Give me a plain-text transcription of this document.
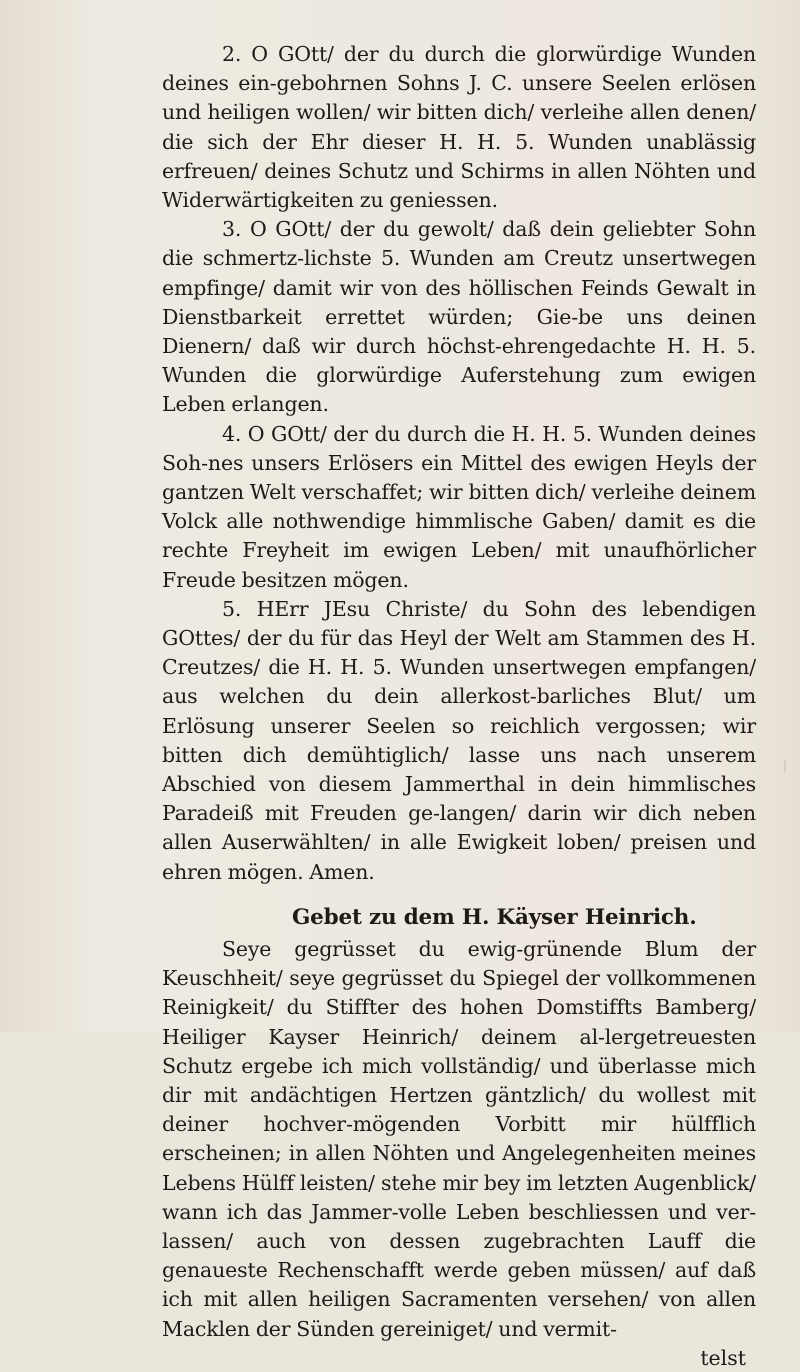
2. O GOtt/ der du durch die glorwürdige Wunden deines ein-gebohrnen Sohns J. C. unsere Seelen erlösen und heiligen wollen/ wir bitten dich/ verleihe allen denen/ die sich der Ehr dieser H. H. 5. Wunden unablässig erfreuen/ deines Schutz und Schirms in allen Nöhten und Widerwärtigkeiten zu geniessen.

3. O GOtt/ der du gewolt/ daß dein geliebter Sohn die schmertz-lichste 5. Wunden am Creutz unsertwegen empfinge/ damit wir von des höllischen Feinds Gewalt in Dienstbarkeit errettet würden; Gie-be uns deinen Dienern/ daß wir durch höchst-ehrengedachte H. H. 5. Wunden die glorwürdige Auferstehung zum ewigen Leben erlangen.

4. O GOtt/ der du durch die H. H. 5. Wunden deines Soh-nes unsers Erlösers ein Mittel des ewigen Heyls der gantzen Welt verschaffet; wir bitten dich/ verleihe deinem Volck alle nothwendige himmlische Gaben/ damit es die rechte Freyheit im ewigen Leben/ mit unaufhörlicher Freude besitzen mögen.

5. HErr JEsu Christe/ du Sohn des lebendigen GOttes/ der du für das Heyl der Welt am Stammen des H. Creutzes/ die H. H. 5. Wunden unsertwegen empfangen/ aus welchen du dein allerkost-barliches Blut/ um Erlösung unserer Seelen so reichlich vergossen; wir bitten dich demühtiglich/ lasse uns nach unserem Abschied von diesem Jammerthal in dein himmlisches Paradeiß mit Freuden ge-langen/ darin wir dich neben allen Auserwählten/ in alle Ewigkeit loben/ preisen und ehren mögen. Amen.

Gebet zu dem H. Käyser Heinrich.

Seye gegrüsset du ewig-grünende Blum der Keuschheit/ seye gegrüsset du Spiegel der vollkommenen Reinigkeit/ du Stiffter des hohen Domstiffts Bamberg/ Heiliger Kayser Heinrich/ deinem al-lergetreuesten Schutz ergebe ich mich vollständig/ und überlasse mich dir mit andächtigen Hertzen gäntzlich/ du wollest mit deiner hochver-mögenden Vorbitt mir hülfflich erscheinen; in allen Nöhten und Angelegenheiten meines Lebens Hülff leisten/ stehe mir bey im letzten Augenblick/ wann ich das Jammer-volle Leben beschliessen und ver-lassen/ auch von dessen zugebrachten Lauff die genaueste Rechenschafft werde geben müssen/ auf daß ich mit allen heiligen Sacramenten versehen/ von allen Macklen der Sünden gereiniget/ und vermit-

telst
